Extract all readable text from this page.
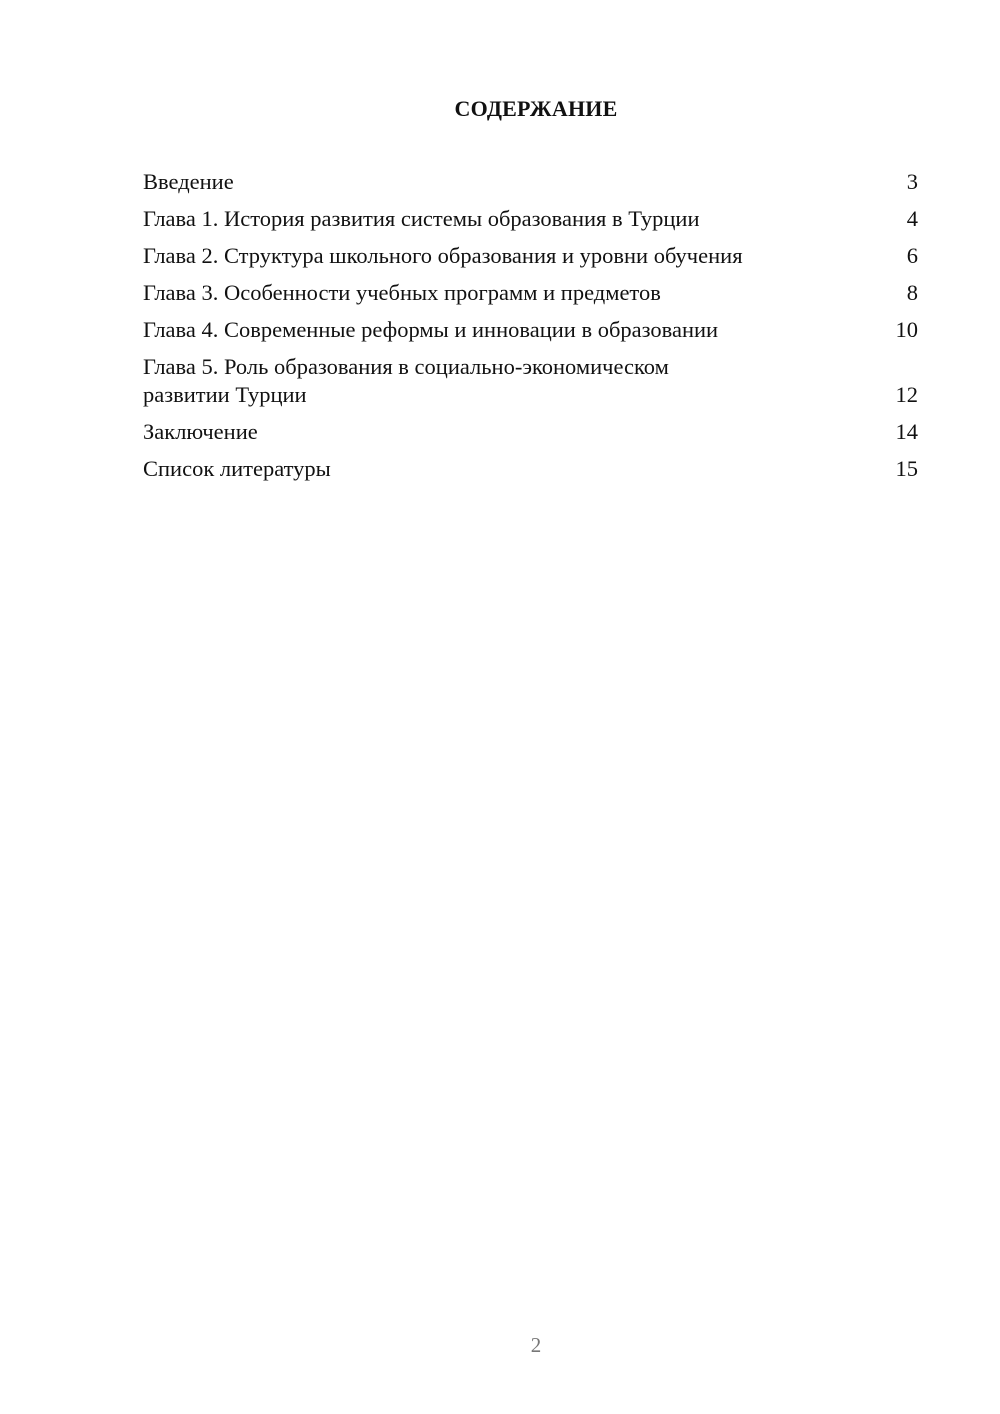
СОДЕРЖАНИЕ
Введение	3
Глава 1. История развития системы образования в Турции	4
Глава 2. Структура школьного образования и уровни обучения	6
Глава 3. Особенности учебных программ и предметов	8
Глава 4. Современные реформы и инновации в образовании	10
Глава 5. Роль образования в социально-экономическом развитии Турции	12
Заключение	14
Список литературы	15
2
